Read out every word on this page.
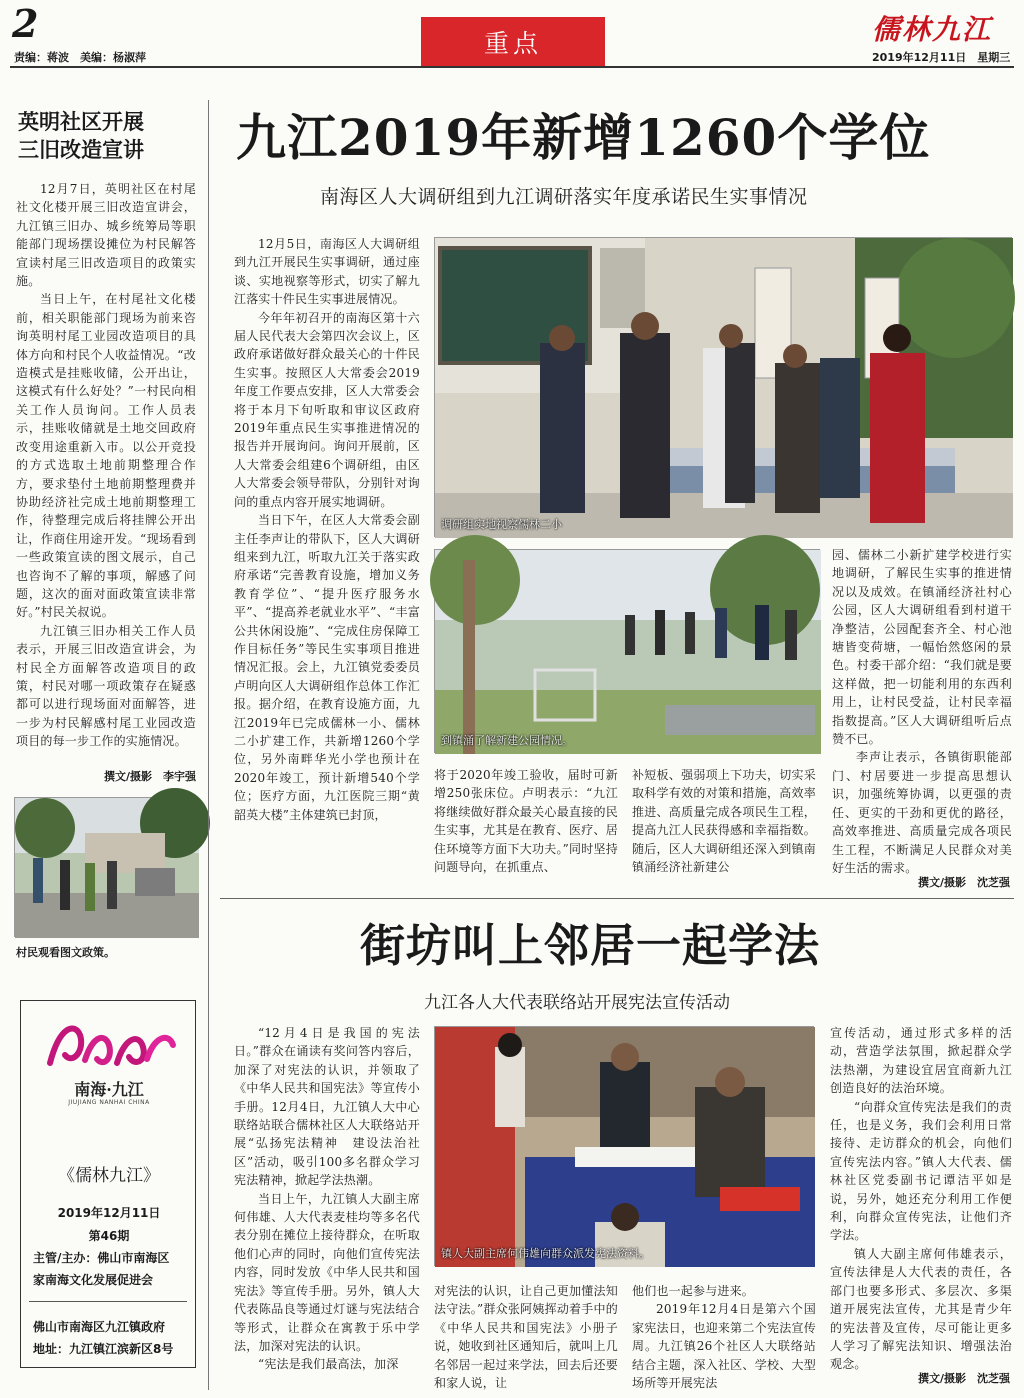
2
责编：蒋波　美编：杨淑萍	重点	儒林九江
2019年12月11日　星期三
英明社区开展
三旧改造宣讲

12月7日，英明社区在村尾社文化楼开展三旧改造宣讲会，九江镇三旧办、城乡统筹局等职能部门现场摆设摊位为村民解答宣读村尾三旧改造项目的政策实施。

当日上午，在村尾社文化楼前，相关职能部门现场为前来咨询英明村尾工业园改造项目的具体方向和村民个人收益情况。“改造模式是挂账收储，公开出让，这模式有什么好处？”一村民向相关工作人员询问。工作人员表示，挂账收储就是土地交回政府改变用途重新入市。以公开竞投的方式选取土地前期整理合作方，要求垫付土地前期整理费并协助经济社完成土地前期整理工作，待整理完成后将挂牌公开出让，作商住用途开发。“现场看到一些政策宣读的图文展示，自己也咨询不了解的事项，解感了问题，这次的面对面政策宣读非常好。”村民关叔说。

九江镇三旧办相关工作人员表示，开展三旧改造宣讲会，为村民全方面解答改造项目的政策，村民对哪一项政策存在疑惑都可以进行现场面对面解答，进一步为村民解感村尾工业园改造项目的每一步工作的实施情况。

撰文/摄影　李宇强
村民观看图文政策。
南海·九江
JIUJIANG NANHAI CHINA
《儒林九江》
2019年12月11日
第46期
主管/主办：佛山市南海区
家南海文化发展促进会
佛山市南海区九江镇政府
地址：九江镇江滨新区8号
九江2019年新增1260个学位
南海区人大调研组到九江调研落实年度承诺民生实事情况

12月5日，南海区人大调研组到九江开展民生实事调研，通过座谈、实地视察等形式，切实了解九江落实十件民生实事进展情况。

今年年初召开的南海区第十六届人民代表大会第四次会议上，区政府承诺做好群众最关心的十件民生实事。按照区人大常委会2019年度工作要点安排，区人大常委会将于本月下旬听取和审议区政府2019年重点民生实事推进情况的报告并开展询问。询问开展前，区人大常委会组建6个调研组，由区人大常委会领导带队，分别针对询问的重点内容开展实地调研。

当日下午，在区人大常委会副主任李声让的带队下，区人大调研组来到九江，听取九江关于落实政府承诺“完善教育设施，增加义务教育学位”、“提升医疗服务水平”、“提高养老就业水平”、“丰富公共休闲设施”、“完成住房保障工作目标任务”等民生实事项目推进情况汇报。会上，九江镇党委委员卢明向区人大调研组作总体工作汇报。据介绍，在教育设施方面，九江2019年已完成儒林一小、儒林二小扩建工作，共新增1260个学位，另外南畔华光小学也预计在2020年竣工，预计新增540个学位；医疗方面，九江医院三期“黄韶英大楼”主体建筑已封顶，

调研组实地视察儒林二小
到镇涌了解新建公园情况。

将于2020年竣工验收，届时可新增250张床位。卢明表示：“九江将继续做好群众最关心最直接的民生实事，尤其是在教育、医疗、居住环境等方面下大功夫。”同时坚持问题导向，在抓重点、

补短板、强弱项上下功夫，切实采取科学有效的对策和措施，高效率推进、高质量完成各项民生工程，提高九江人民获得感和幸福指数。随后，区人大调研组还深入到镇南镇涌经济社新建公

园、儒林二小新扩建学校进行实地调研，了解民生实事的推进情况以及成效。在镇涌经济社村心公园，区人大调研组看到村道干净整洁，公园配套齐全、村心池塘皆变荷塘，一幅怡然悠闲的景色。村委干部介绍：“我们就是要这样做，把一切能利用的东西利用上，让村民受益，让村民幸福指数提高。”区人大调研组听后点赞不已。

李声让表示，各镇街职能部门、村居要进一步提高思想认识，加强统筹协调，以更强的责任、更实的干劲和更优的路径，高效率推进、高质量完成各项民生工程，不断满足人民群众对美好生活的需求。

撰文/摄影　沈芝强
街坊叫上邻居一起学法
九江各人大代表联络站开展宪法宣传活动

“12月4日是我国的宪法日。”群众在诵读有奖问答内容后，加深了对宪法的认识，并领取了《中华人民共和国宪法》等宣传小手册。12月4日，九江镇人大中心联络站联合儒林社区人大联络站开展“弘扬宪法精神　建设法治社区”活动，吸引100多名群众学习宪法精神，掀起学法热潮。

当日上午，九江镇人大副主席何伟雄、人大代表麦桂均等多名代表分别在摊位上接待群众，在听取他们心声的同时，向他们宣传宪法内容，同时发放《中华人民共和国宪法》等宣传手册。另外，镇人大代表陈品良等通过灯谜与宪法结合等形式，让群众在寓教于乐中学法，加深对宪法的认识。

“宪法是我们最高法，加深

镇人大副主席何伟雄向群众派发宪法资料。

对宪法的认识，让自己更加懂法知法守法。”群众张阿姨挥动着手中的《中华人民共和国宪法》小册子说，她收到社区通知后，就叫上几名邻居一起过来学法，回去后还要和家人说，让

他们也一起参与进来。

2019年12月4日是第六个国家宪法日，也迎来第二个宪法宣传周。九江镇26个社区人大联络站结合主题，深入社区、学校、大型场所等开展宪法

宣传活动，通过形式多样的活动，营造学法氛围，掀起群众学法热潮，为建设宜居宜商新九江创造良好的法治环境。

“向群众宣传宪法是我们的责任，也是义务，我们会利用日常接待、走访群众的机会，向他们宣传宪法内容。”镇人大代表、儒林社区党委副书记谭洁平如是说，另外，她还充分利用工作便利，向群众宣传宪法，让他们齐学法。

镇人大副主席何伟雄表示，宣传法律是人大代表的责任，各部门也要多形式、多层次、多渠道开展宪法宣传，尤其是青少年的宪法普及宣传，尽可能让更多人学习了解宪法知识、增强法治观念。

撰文/摄影　沈芝强
